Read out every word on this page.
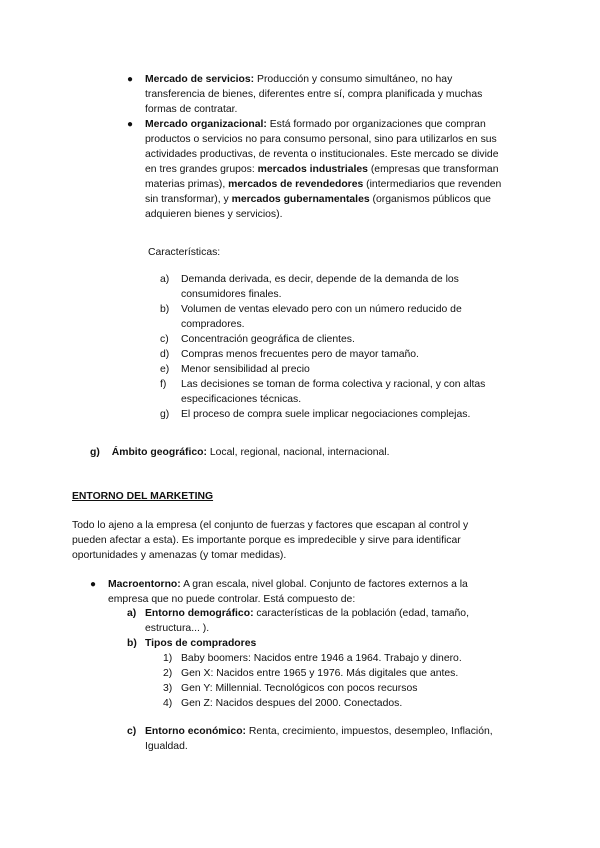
● Mercado de servicios: Producción y consumo simultáneo, no hay
transferencia de bienes, diferentes entre sí, compra planificada y muchas
formas de contratar.
● Mercado organizacional: Está formado por organizaciones que compran
productos o servicios no para consumo personal, sino para utilizarlos en sus
actividades productivas, de reventa o institucionales. Este mercado se divide
en tres grandes grupos: mercados industriales (empresas que transforman
materias primas), mercados de revendedores (intermediarios que revenden
sin transformar), y mercados gubernamentales (organismos públicos que
adquieren bienes y servicios).
Características:
a) Demanda derivada, es decir, depende de la demanda de los
consumidores finales.
b) Volumen de ventas elevado pero con un número reducido de
compradores.
c) Concentración geográfica de clientes.
d) Compras menos frecuentes pero de mayor tamaño.
e) Menor sensibilidad al precio
f) Las decisiones se toman de forma colectiva y racional, y con altas
especificaciones técnicas.
g) El proceso de compra suele implicar negociaciones complejas.
g) Ámbito geográfico: Local, regional, nacional, internacional.
ENTORNO DEL MARKETING
Todo lo ajeno a la empresa (el conjunto de fuerzas y factores que escapan al control y
pueden afectar a esta). Es importante porque es impredecible y sirve para identificar
oportunidades y amenazas (y tomar medidas).
● Macroentorno: A gran escala, nivel global. Conjunto de factores externos a la
empresa que no puede controlar. Está compuesto de:
a) Entorno demográfico: características de la población (edad, tamaño,
estructura... ).
b) Tipos de compradores
1) Baby boomers: Nacidos entre 1946 a 1964. Trabajo y dinero.
2) Gen X: Nacidos entre 1965 y 1976. Más digitales que antes.
3) Gen Y: Millennial. Tecnológicos con pocos recursos
4) Gen Z: Nacidos despues del 2000. Conectados.
c) Entorno económico: Renta, crecimiento, impuestos, desempleo, Inflación,
Igualdad.
